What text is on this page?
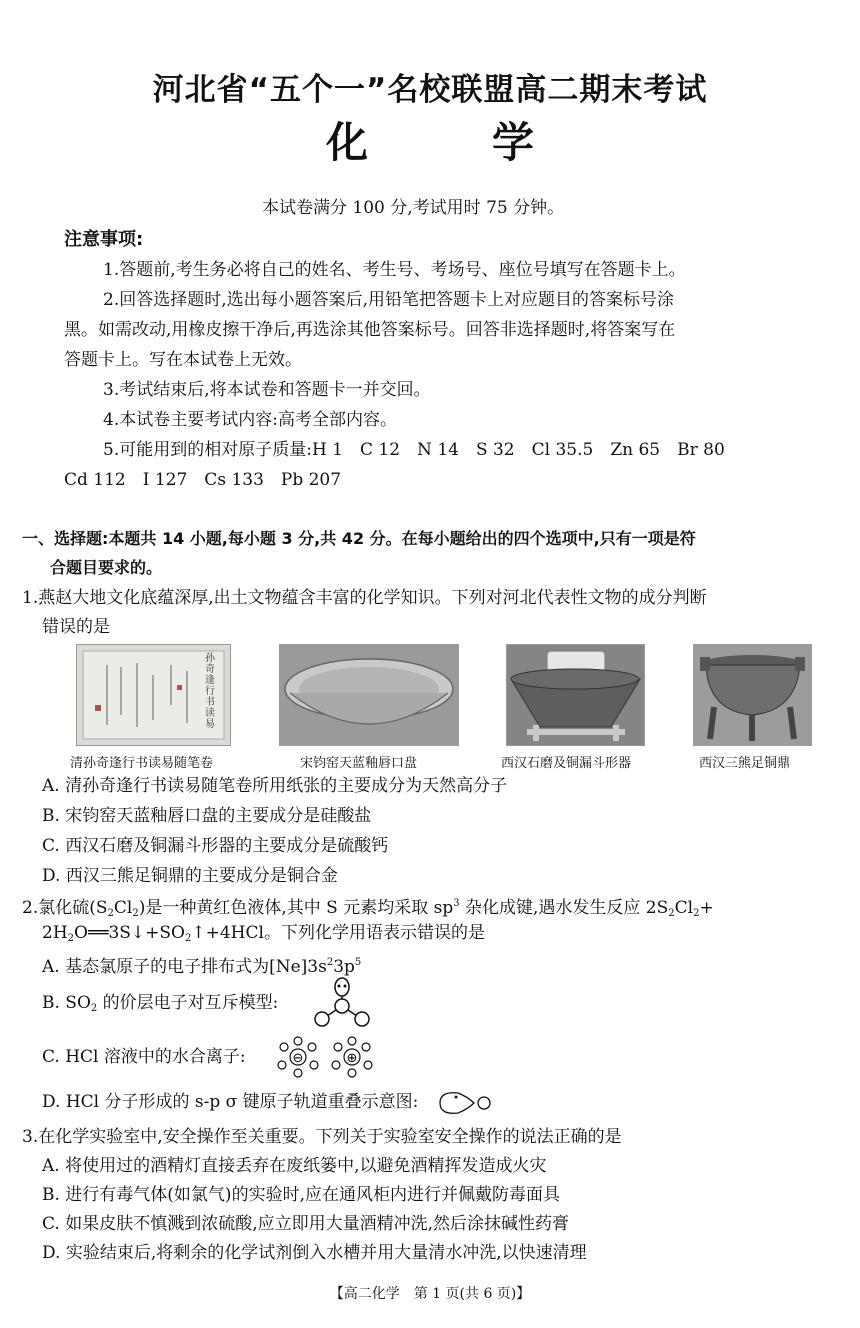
河北省“五个一”名校联盟高二期末考试
化	学
本试卷满分 100 分,考试用时 75 分钟。
注意事项:
1.答题前,考生务必将自己的姓名、考生号、考场号、座位号填写在答题卡上。
2.回答选择题时,选出每小题答案后,用铅笔把答题卡上对应题目的答案标号涂
黑。如需改动,用橡皮擦干净后,再选涂其他答案标号。回答非选择题时,将答案写在
答题卡上。写在本试卷上无效。
3.考试结束后,将本试卷和答题卡一并交回。
4.本试卷主要考试内容:高考全部内容。
5.可能用到的相对原子质量:H 1　C 12　N 14　S 32　Cl 35.5　Zn 65　Br 80
Cd 112　I 127　Cs 133　Pb 207
一、选择题:本题共 14 小题,每小题 3 分,共 42 分。在每小题给出的四个选项中,只有一项是符
合题目要求的。
1.燕赵大地文化底蕴深厚,出土文物蕴含丰富的化学知识。下列对河北代表性文物的成分判断
错误的是
孙奇逢行书读易
清孙奇逢行书读易随笔卷	宋钧窑天蓝釉唇口盘	西汉石磨及铜漏斗形器	西汉三熊足铜鼎
A. 清孙奇逢行书读易随笔卷所用纸张的主要成分为天然高分子
B. 宋钧窑天蓝釉唇口盘的主要成分是硅酸盐
C. 西汉石磨及铜漏斗形器的主要成分是硫酸钙
D. 西汉三熊足铜鼎的主要成分是铜合金
2.氯化硫$(S_2Cl_2)$是一种黄红色液体,其中 S 元素均采取 $sp^3$ 杂化成键,遇水发生反应 $2S_2Cl_2+$
$2H_2O══3S↓+SO_2↑+4HCl$。下列化学用语表示错误的是
A. 基态氯原子的电子排布式为$[Ne]3s^23p^5$
B. $SO_2$ 的价层电子对互斥模型:
C. HCl 溶液中的水合离子:	⊖	⊕
D. HCl 分子形成的 s-p σ 键原子轨道重叠示意图:
3.在化学实验室中,安全操作至关重要。下列关于实验室安全操作的说法正确的是
A. 将使用过的酒精灯直接丢弃在废纸篓中,以避免酒精挥发造成火灾
B. 进行有毒气体(如氯气)的实验时,应在通风柜内进行并佩戴防毒面具
C. 如果皮肤不慎溅到浓硫酸,应立即用大量酒精冲洗,然后涂抹碱性药膏
D. 实验结束后,将剩余的化学试剂倒入水槽并用大量清水冲洗,以快速清理
【高二化学　第 1 页(共 6 页)】
